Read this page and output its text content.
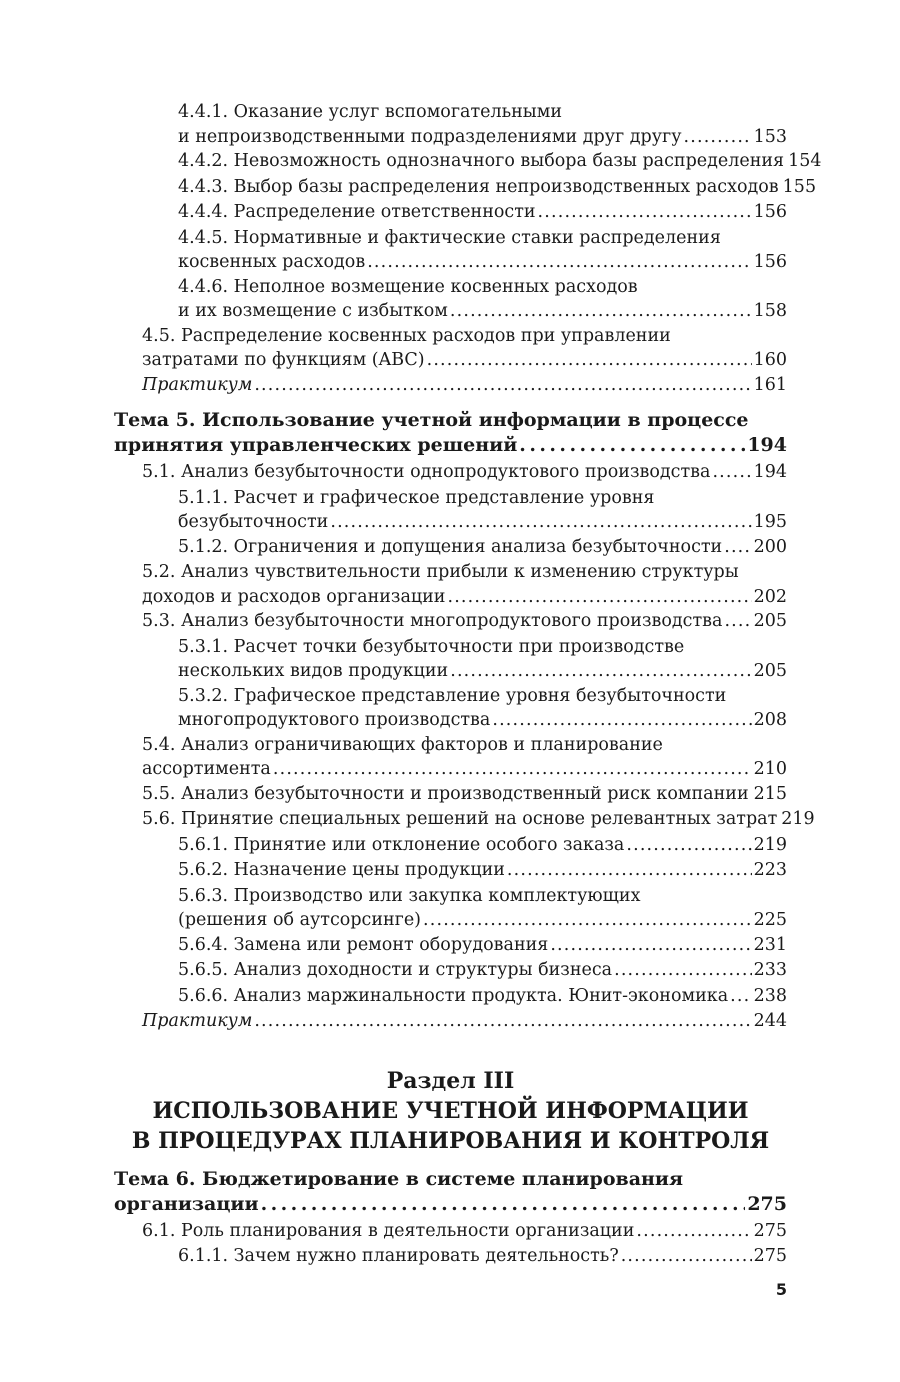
4.4.1. Оказание услуг вспомогательными
и непроизводственными подразделениями друг другу . . .	153
4.4.2. Невозможность однозначного выбора базы распределения 154
4.4.3. Выбор базы распределения непроизводственных расходов 155
4.4.4. Распределение ответственности . . .	156
4.4.5. Нормативные и фактические ставки распределения
косвенных расходов . . .	156
4.4.6. Неполное возмещение косвенных расходов
и их возмещение с избытком . . .	158
4.5. Распределение косвенных расходов при управлении
затратами по функциям (ABC) . . .	160
Практикум . . .	161
Тема 5. Использование учетной информации в процессе
принятия управленческих решений . . .	194
5.1. Анализ безубыточности однопродуктового производства . . . 194
5.1.1. Расчет и графическое представление уровня
безубыточности . . .	195
5.1.2. Ограничения и допущения анализа безубыточности . . . 200
5.2. Анализ чувствительности прибыли к изменению структуры
доходов и расходов организации . . .	202
5.3. Анализ безубыточности многопродуктового производства . . . 205
5.3.1. Расчет точки безубыточности при производстве
нескольких видов продукции . . .	205
5.3.2. Графическое представление уровня безубыточности
многопродуктового производства . . .	208
5.4. Анализ ограничивающих факторов и планирование
ассортимента . . .	210
5.5. Анализ безубыточности и производственный риск компании . . . 215
5.6. Принятие специальных решений на основе релевантных затрат 219
5.6.1. Принятие или отклонение особого заказа . . .	219
5.6.2. Назначение цены продукции . . .	223
5.6.3. Производство или закупка комплектующих
(решения об аутсорсинге) . . .	225
5.6.4. Замена или ремонт оборудования . . .	231
5.6.5. Анализ доходности и структуры бизнеса . . .	233
5.6.6. Анализ маржинальности продукта. Юнит-экономика . . . 238
Практикум . . .	244
Раздел III
ИСПОЛЬЗОВАНИЕ УЧЕТНОЙ ИНФОРМАЦИИ
В ПРОЦЕДУРАХ ПЛАНИРОВАНИЯ И КОНТРОЛЯ
Тема 6. Бюджетирование в системе планирования
организации . . .	275
6.1. Роль планирования в деятельности организации . . .	275
6.1.1. Зачем нужно планировать деятельность? . . .	275
5
